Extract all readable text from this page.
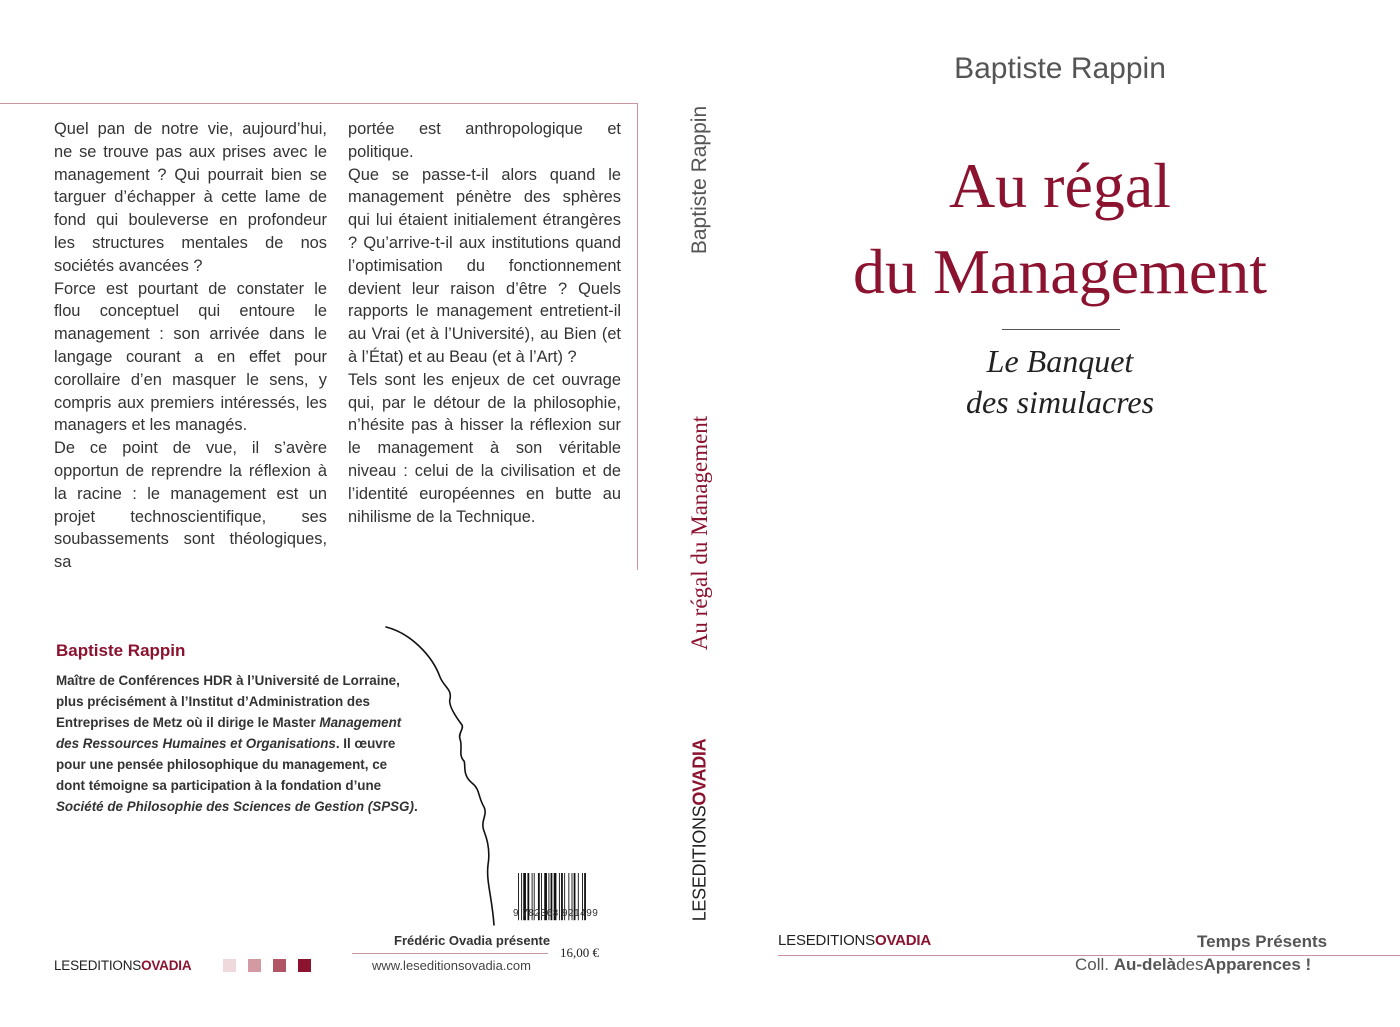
Quel pan de notre vie, aujourd’hui, ne se trouve pas aux prises avec le management ? Qui pourrait bien se targuer d’échapper à cette lame de fond qui bouleverse en profondeur les structures mentales de nos sociétés avancées ?

Force est pourtant de constater le flou conceptuel qui entoure le management : son arrivée dans le langage courant a en effet pour corollaire d’en masquer le sens, y compris aux premiers intéressés, les managers et les managés.

De ce point de vue, il s’avère opportun de reprendre la réflexion à la racine : le management est un projet technoscientifique, ses soubassements sont théologiques, sa

portée est anthropologique et politique.

Que se passe-t-il alors quand le management pénètre des sphères qui lui étaient initialement étrangères ? Qu’arrive-t-il aux institutions quand l’optimisation du fonctionnement devient leur raison d’être ? Quels rapports le management entretient-il au Vrai (et à l’Université), au Bien (et à l’État) et au Beau (et à l’Art) ?

Tels sont les enjeux de cet ouvrage qui, par le détour de la philosophie, n’hésite pas à hisser la réflexion sur le management à son véritable niveau : celui de la civilisation et de l’identité européennes en butte au nihilisme de la Technique.

Baptiste Rappin
Maître de Conférences HDR à l’Université de Lorraine, plus précisément à l’Institut d’Administration des Entreprises de Metz où il dirige le Master Management des Ressources Humaines et Organisations. Il œuvre pour une pensée philosophique du management, ce dont témoigne sa participation à la fondation d’une Société de Philosophie des Sciences de Gestion (SPSG).
9 782363 921499
Frédéric Ovadia présente
www.leseditionsovadia.com
16,00 €
LESEDITIONSOVADIA
Baptiste Rappin
Au régal du Management
LESEDITIONSOVADIA
Baptiste Rappin
Au régal
du Management
Le Banquet
des simulacres
LESEDITIONSOVADIA	Temps Présents
Coll. Au-delàdesApparences !
